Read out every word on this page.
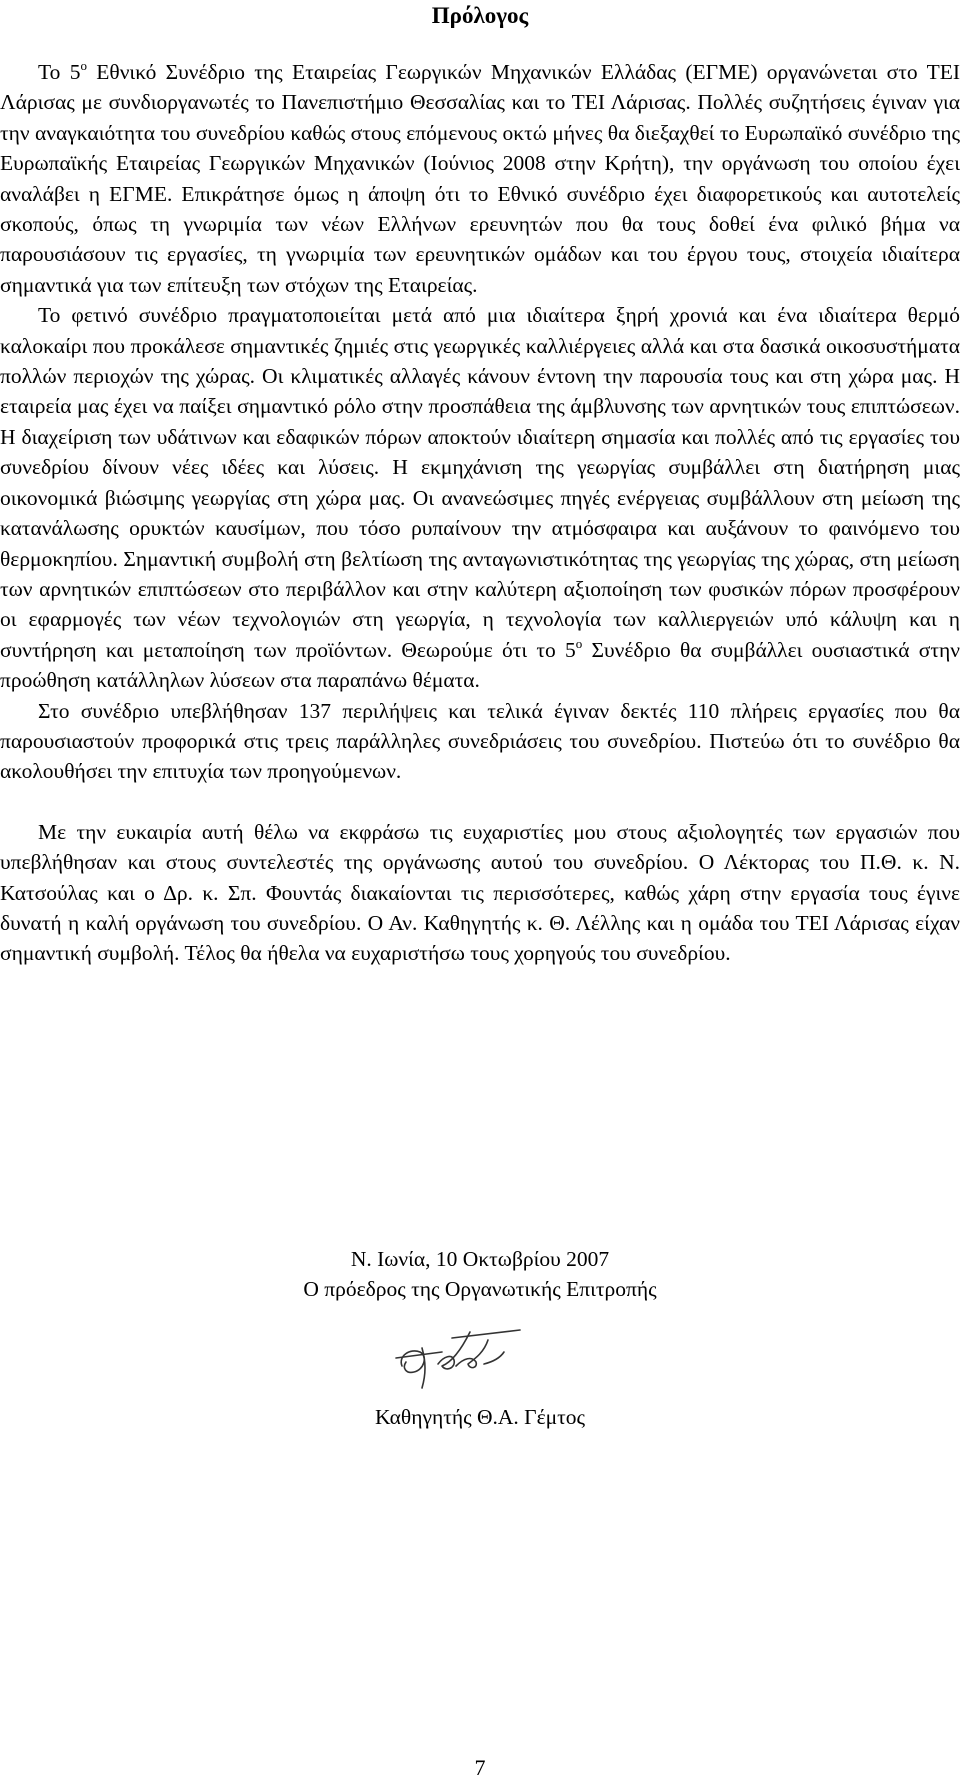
Πρόλογος

Το $5^o$ Εθνικό Συνέδριο της Εταιρείας Γεωργικών Μηχανικών Ελλάδας (ΕΓΜΕ) οργανώνεται στο ΤΕΙ Λάρισας με συνδιοργανωτές το Πανεπιστήμιο Θεσσαλίας και το ΤΕΙ Λάρισας. Πολλές συζητήσεις έγιναν για την αναγκαιότητα του συνεδρίου καθώς στους επόμενους οκτώ μήνες θα διεξαχθεί το Ευρωπαϊκό συνέδριο της Ευρωπαϊκής Εταιρείας Γεωργικών Μηχανικών (Ιούνιος 2008 στην Κρήτη), την οργάνωση του οποίου έχει αναλάβει η ΕΓΜΕ. Επικράτησε όμως η άποψη ότι το Εθνικό συνέδριο έχει διαφορετικούς και αυτοτελείς σκοπούς, όπως τη γνωριμία των νέων Ελλήνων ερευνητών που θα τους δοθεί ένα φιλικό βήμα να παρουσιάσουν τις εργασίες, τη γνωριμία των ερευνητικών ομάδων και του έργου τους, στοιχεία ιδιαίτερα σημαντικά για των επίτευξη των στόχων της Εταιρείας.

Το φετινό συνέδριο πραγματοποιείται μετά από μια ιδιαίτερα ξηρή χρονιά και ένα ιδιαίτερα θερμό καλοκαίρι που προκάλεσε σημαντικές ζημιές στις γεωργικές καλλιέργειες αλλά και στα δασικά οικοσυστήματα πολλών περιοχών της χώρας. Οι κλιματικές αλλαγές κάνουν έντονη την παρουσία τους και στη χώρα μας. Η εταιρεία μας έχει να παίξει σημαντικό ρόλο στην προσπάθεια της άμβλυνσης των αρνητικών τους επιπτώσεων. Η διαχείριση των υδάτινων και εδαφικών πόρων αποκτούν ιδιαίτερη σημασία και πολλές από τις εργασίες του συνεδρίου δίνουν νέες ιδέες και λύσεις. Η εκμηχάνιση της γεωργίας συμβάλλει στη διατήρηση μιας οικονομικά βιώσιμης γεωργίας στη χώρα μας. Οι ανανεώσιμες πηγές ενέργειας συμβάλλουν στη μείωση της κατανάλωσης ορυκτών καυσίμων, που τόσο ρυπαίνουν την ατμόσφαιρα και αυξάνουν το φαινόμενο του θερμοκηπίου. Σημαντική συμβολή στη βελτίωση της ανταγωνιστικότητας της γεωργίας της χώρας, στη μείωση των αρνητικών επιπτώσεων στο περιβάλλον και στην καλύτερη αξιοποίηση των φυσικών πόρων προσφέρουν οι εφαρμογές των νέων τεχνολογιών στη γεωργία, η τεχνολογία των καλλιεργειών υπό κάλυψη και η συντήρηση και μεταποίηση των προϊόντων. Θεωρούμε ότι το $5^o$ Συνέδριο θα συμβάλλει ουσιαστικά στην προώθηση κατάλληλων λύσεων στα παραπάνω θέματα.

Στο συνέδριο υπεβλήθησαν 137 περιλήψεις και τελικά έγιναν δεκτές 110 πλήρεις εργασίες που θα παρουσιαστούν προφορικά στις τρεις παράλληλες συνεδριάσεις του συνεδρίου. Πιστεύω ότι το συνέδριο θα ακολουθήσει την επιτυχία των προηγούμενων.

Με την ευκαιρία αυτή θέλω να εκφράσω τις ευχαριστίες μου στους αξιολογητές των εργασιών που υπεβλήθησαν και στους συντελεστές της οργάνωσης αυτού του συνεδρίου. Ο Λέκτορας του Π.Θ. κ. Ν. Κατσούλας και ο Δρ. κ. Σπ. Φουντάς διακαίονται τις περισσότερες, καθώς χάρη στην εργασία τους έγινε δυνατή η καλή οργάνωση του συνεδρίου. Ο Αν. Καθηγητής κ. Θ. Λέλλης και η ομάδα του ΤΕΙ Λάρισας είχαν σημαντική συμβολή. Τέλος θα ήθελα να ευχαριστήσω τους χορηγούς του συνεδρίου.

Ν. Ιωνία, 10 Οκτωβρίου 2007
Ο πρόεδρος της Οργανωτικής Επιτροπής
Καθηγητής Θ.Α. Γέμτος
7
